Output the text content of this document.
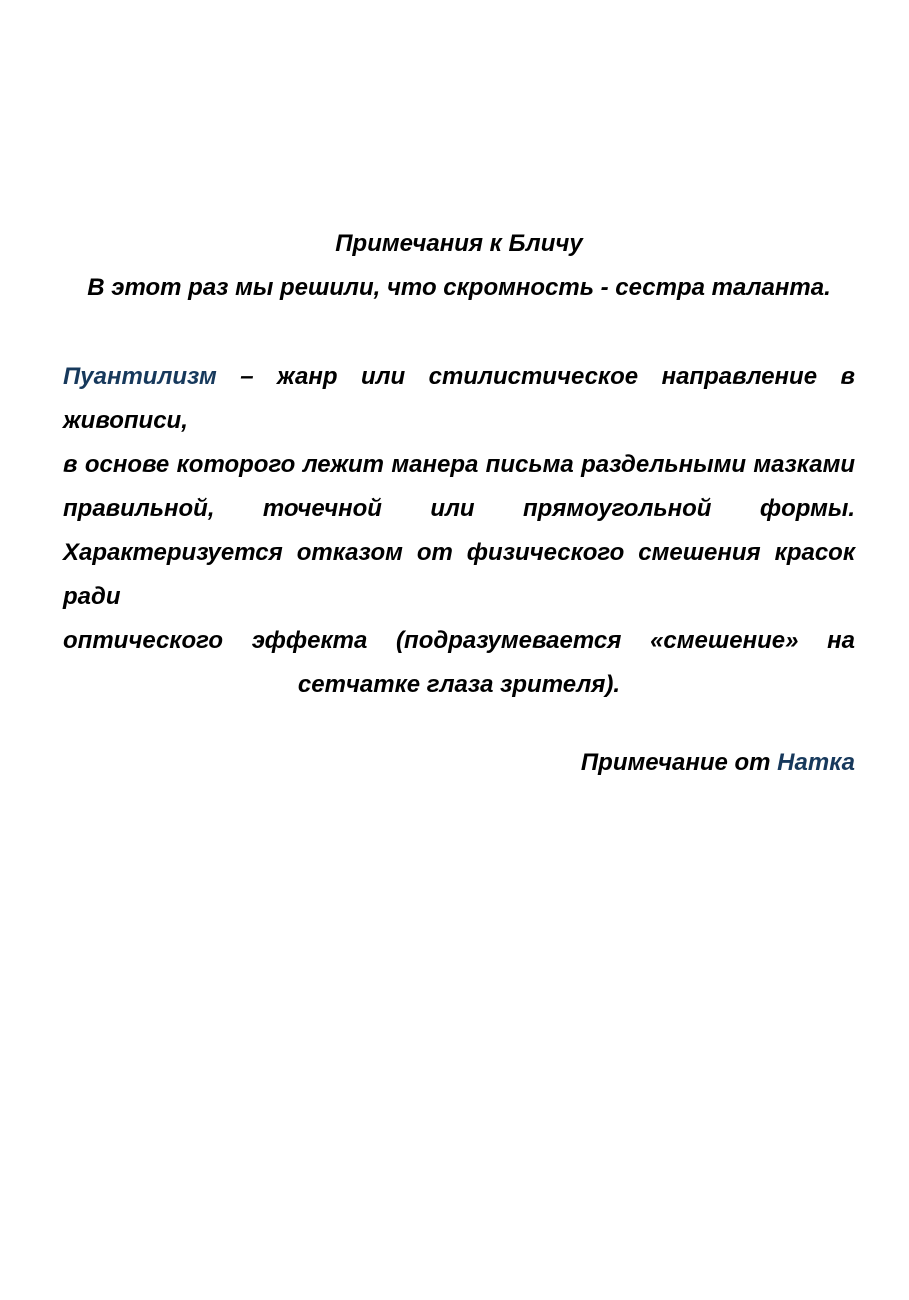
Примечания к Бличу
В этот раз мы решили, что скромность - сестра таланта.
Пуантилизм – жанр или стилистическое направление в живописи,
в основе которого лежит манера письма раздельными мазками
правильной, точечной или прямоугольной формы.
Характеризуется отказом от физического смешения красок ради
оптического эффекта (подразумевается «смешение» на
сетчатке глаза зрителя).
Примечание от Натка
